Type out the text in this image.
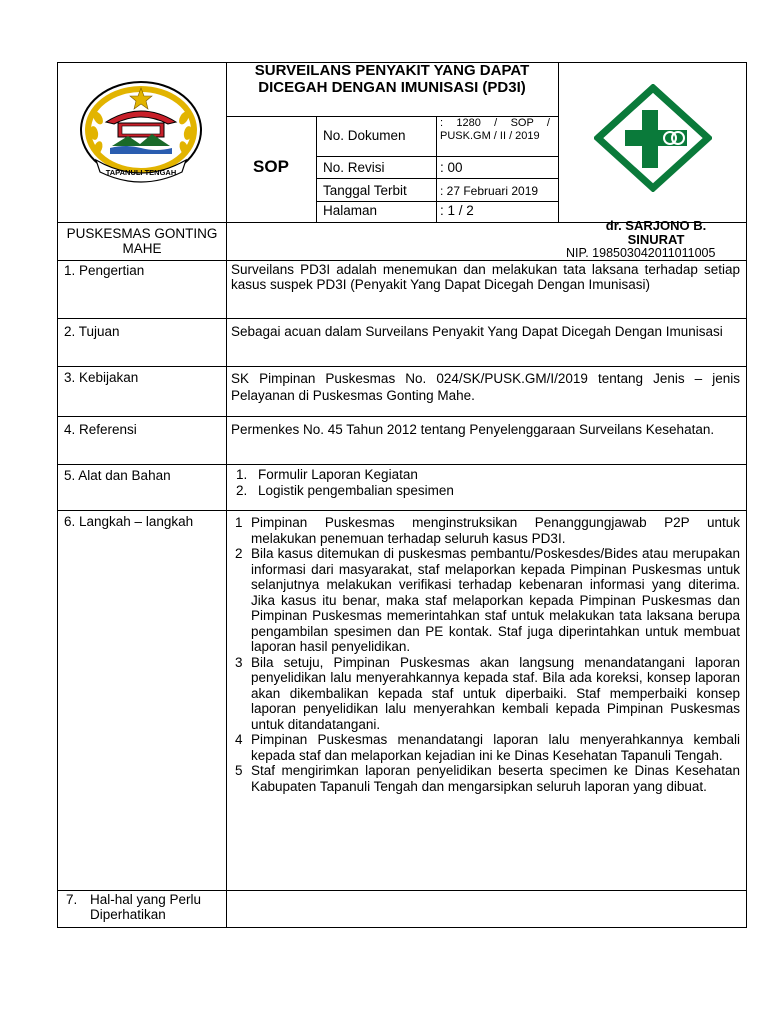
TAPANULI TENGAH
SURVEILANS PENYAKIT YANG DAPAT DICEGAH DENGAN IMUNISASI (PD3I)
SOP
No. Dokumen
: 1280 / SOP / PUSK.GM / II / 2019
No. Revisi	: 00
Tanggal Terbit	: 27 Februari 2019
Halaman	: 1 / 2
PUSKESMAS GONTING MAHE
dr. SARJONO B. SINURAT
NIP. 198503042011011005
1. Pengertian	Surveilans PD3I adalah menemukan dan melakukan tata laksana terhadap setiap kasus suspek PD3I (Penyakit Yang Dapat Dicegah Dengan Imunisasi)
2. Tujuan	Sebagai acuan dalam Surveilans Penyakit Yang Dapat Dicegah Dengan Imunisasi
3. Kebijakan	SK Pimpinan Puskesmas No. 024/SK/PUSK.GM/I/2019 tentang Jenis – jenis Pelayanan di Puskesmas Gonting Mahe.
4. Referensi	Permenkes No. 45 Tahun 2012 tentang Penyelenggaraan Surveilans Kesehatan.
5. Alat dan Bahan	1. Formulir Laporan Kegiatan
2. Logistik pengembalian spesimen
6. Langkah – langkah	1 Pimpinan Puskesmas menginstruksikan Penanggungjawab P2P untuk melakukan penemuan terhadap seluruh kasus PD3I.
2 Bila kasus ditemukan di puskesmas pembantu/Poskesdes/Bides atau merupakan informasi dari masyarakat, staf melaporkan kepada Pimpinan Puskesmas untuk selanjutnya melakukan verifikasi terhadap kebenaran informasi yang diterima. Jika kasus itu benar, maka staf melaporkan kepada Pimpinan Puskesmas dan Pimpinan Puskesmas memerintahkan staf untuk melakukan tata laksana berupa pengambilan spesimen dan PE kontak. Staf juga diperintahkan untuk membuat laporan hasil penyelidikan.
3 Bila setuju, Pimpinan Puskesmas akan langsung menandatangani laporan penyelidikan lalu menyerahkannya kepada staf. Bila ada koreksi, konsep laporan akan dikembalikan kepada staf untuk diperbaiki. Staf memperbaiki konsep laporan penyelidikan lalu menyerahkan kembali kepada Pimpinan Puskesmas untuk ditandatangani.
4 Pimpinan Puskesmas menandatangi laporan lalu menyerahkannya kembali kepada staf dan melaporkan kejadian ini ke Dinas Kesehatan Tapanuli Tengah.
5 Staf mengirimkan laporan penyelidikan beserta specimen ke Dinas Kesehatan Kabupaten Tapanuli Tengah dan mengarsipkan seluruh laporan yang dibuat.
7. Hal-hal yang Perlu Diperhatikan
